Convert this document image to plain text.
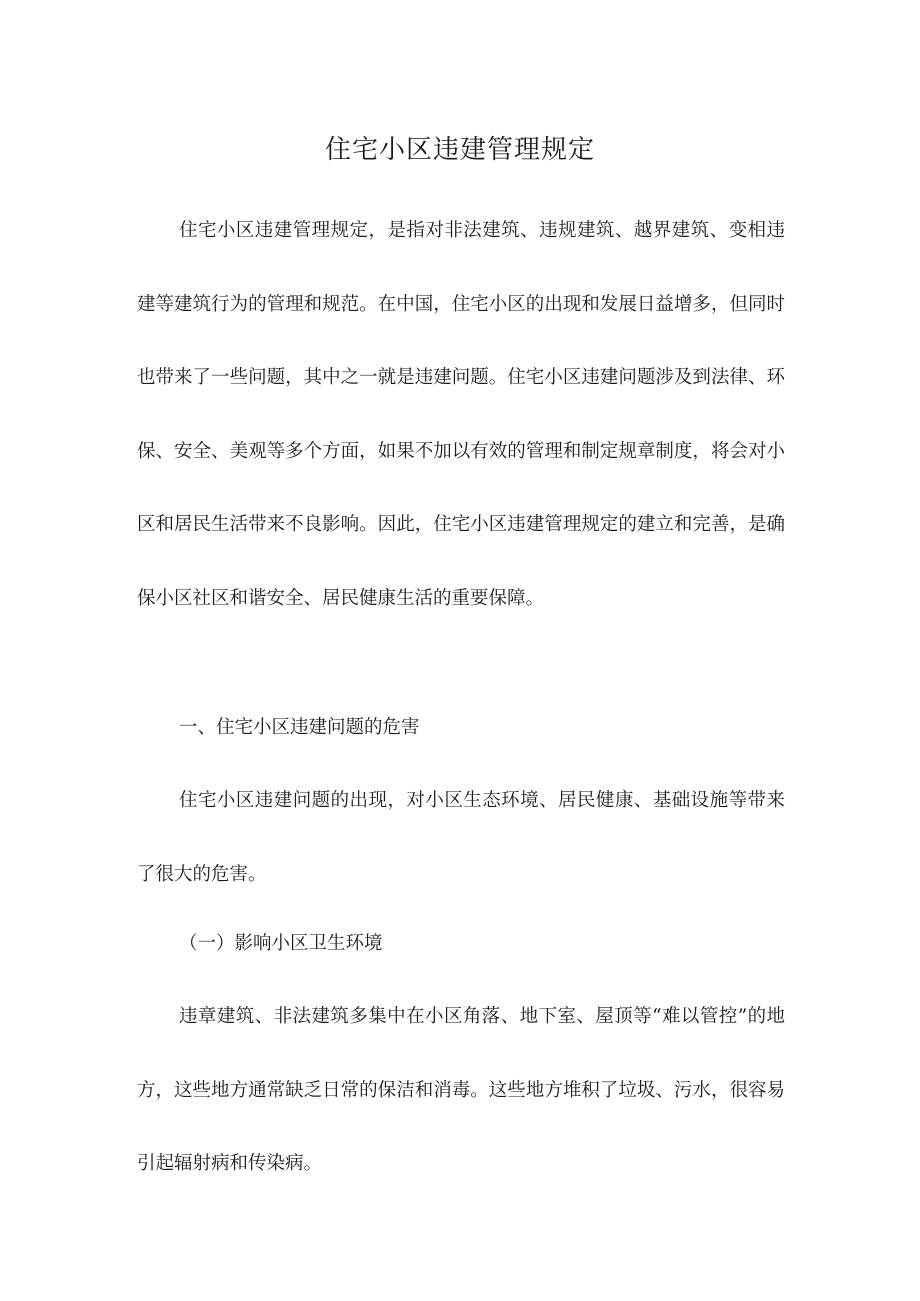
住宅小区违建管理规定

住宅小区违建管理规定，是指对非法建筑、违规建筑、越界建筑、变相违建等建筑行为的管理和规范。在中国，住宅小区的出现和发展日益增多，但同时也带来了一些问题，其中之一就是违建问题。住宅小区违建问题涉及到法律、环保、安全、美观等多个方面，如果不加以有效的管理和制定规章制度，将会对小区和居民生活带来不良影响。因此，住宅小区违建管理规定的建立和完善，是确保小区社区和谐安全、居民健康生活的重要保障。

一、住宅小区违建问题的危害

住宅小区违建问题的出现，对小区生态环境、居民健康、基础设施等带来了很大的危害。

（一）影响小区卫生环境

违章建筑、非法建筑多集中在小区角落、地下室、屋顶等“难以管控”的地方，这些地方通常缺乏日常的保洁和消毒。这些地方堆积了垃圾、污水，很容易引起辐射病和传染病。
